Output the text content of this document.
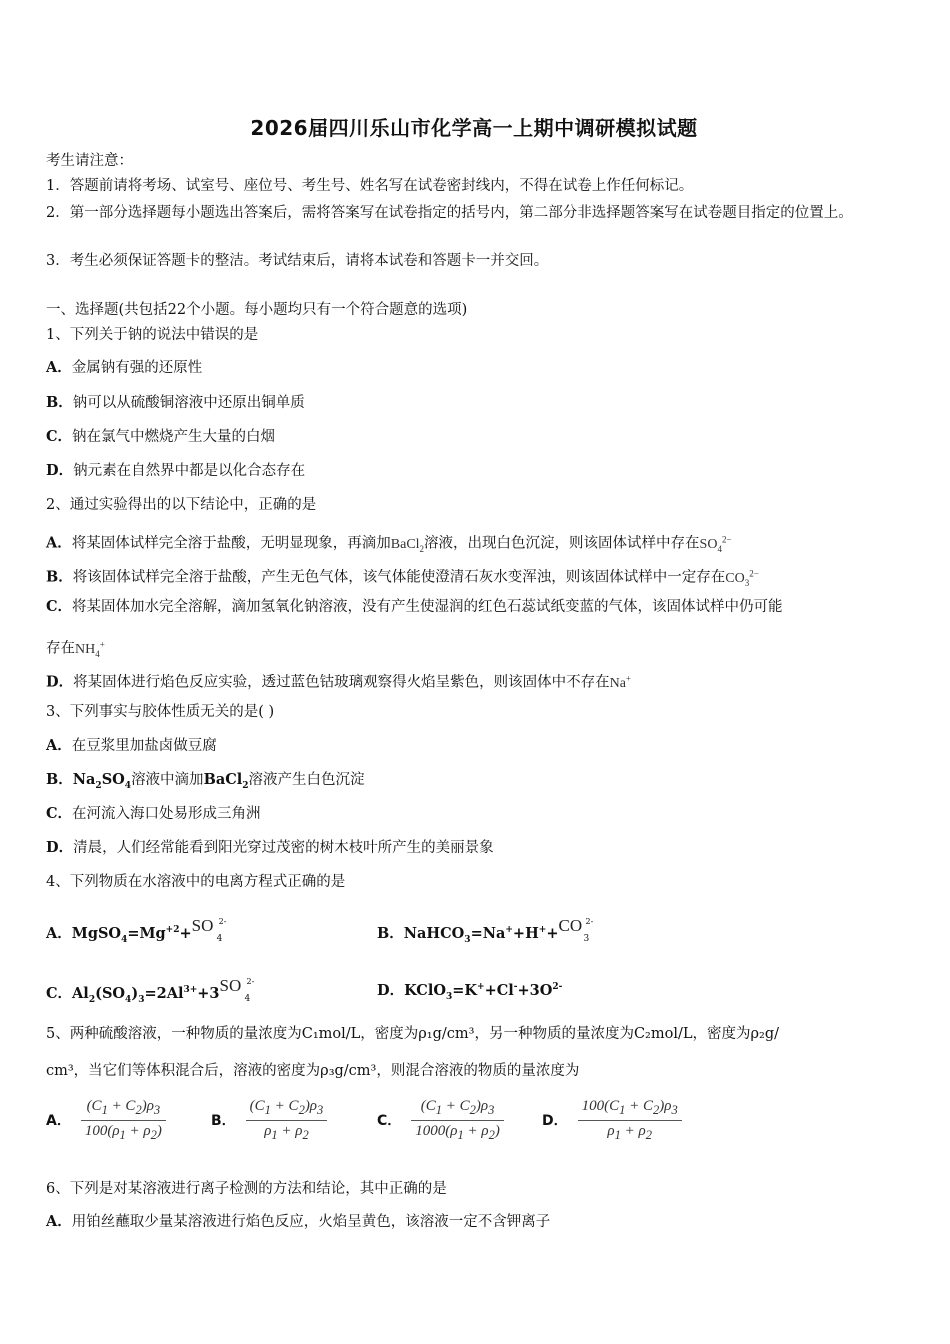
2026届四川乐山市化学高一上期中调研模拟试题
考生请注意：
1．答题前请将考场、试室号、座位号、考生号、姓名写在试卷密封线内，不得在试卷上作任何标记。
2．第一部分选择题每小题选出答案后，需将答案写在试卷指定的括号内，第二部分非选择题答案写在试卷题目指定的位置上。
3．考生必须保证答题卡的整洁。考试结束后，请将本试卷和答题卡一并交回。
一、选择题(共包括22个小题。每小题均只有一个符合题意的选项)
1、下列关于钠的说法中错误的是
A．金属钠有强的还原性
B．钠可以从硫酸铜溶液中还原出铜单质
C．钠在氯气中燃烧产生大量的白烟
D．钠元素在自然界中都是以化合态存在
2、通过实验得出的以下结论中，正确的是
A．将某固体试样完全溶于盐酸，无明显现象，再滴加BaCl$_2$溶液，出现白色沉淀，则该固体试样中存在$SO_4^{2-}$
B．将该固体试样完全溶于盐酸，产生无色气体，该气体能使澄清石灰水变浑浊，则该固体试样中一定存在$CO_3^{2-}$
C．将某固体加水完全溶解，滴加氢氧化钠溶液，没有产生使湿润的红色石蕊试纸变蓝的气体，该固体试样中仍可能
存在$NH_4^+$
D．将某固体进行焰色反应实验，透过蓝色钴玻璃观察得火焰呈紫色，则该固体中不存在Na+
3、下列事实与胶体性质无关的是( )
A．在豆浆里加盐卤做豆腐
B．$Na_2SO_4$溶液中滴加BaCl$_2$溶液产生白色沉淀
C．在河流入海口处易形成三角洲
D．清晨，人们经常能看到阳光穿过茂密的树木枝叶所产生的美丽景象
4、下列物质在水溶液中的电离方程式正确的是
A．$MgSO_4=Mg^{+2}+$ SO 2-
4	B．NaHCO$_3$=Na++H++ CO 2-
3
C．$Al_2(SO_4)_3=2Al^{3+}+3$ SO 2-
4
D．$KClO_3=K^++Cl^-+3O^{2-}$
5、两种硫酸溶液，一种物质的量浓度为C₁mol/L，密度为ρ₁g/cm³，另一种物质的量浓度为C₂mol/L，密度为ρ₂g/
cm³，当它们等体积混合后，溶液的密度为ρ₃g/cm³，则混合溶液的物质的量浓度为
A． $\frac{(C_1 + C_2)\rho_3}{100(\rho_1 + \rho_2)}$	B． $\frac{(C_1 + C_2)\rho_3}{\rho_1 + \rho_2}$	C． $\frac{(C_1 + C_2)\rho_3}{1000(\rho_1 + \rho_2)}$	D． $\frac{100(C_1 + C_2)\rho_3}{\rho_1 + \rho_2}$
6、下列是对某溶液进行离子检测的方法和结论，其中正确的是
A．用铂丝蘸取少量某溶液进行焰色反应，火焰呈黄色，该溶液一定不含钾离子
